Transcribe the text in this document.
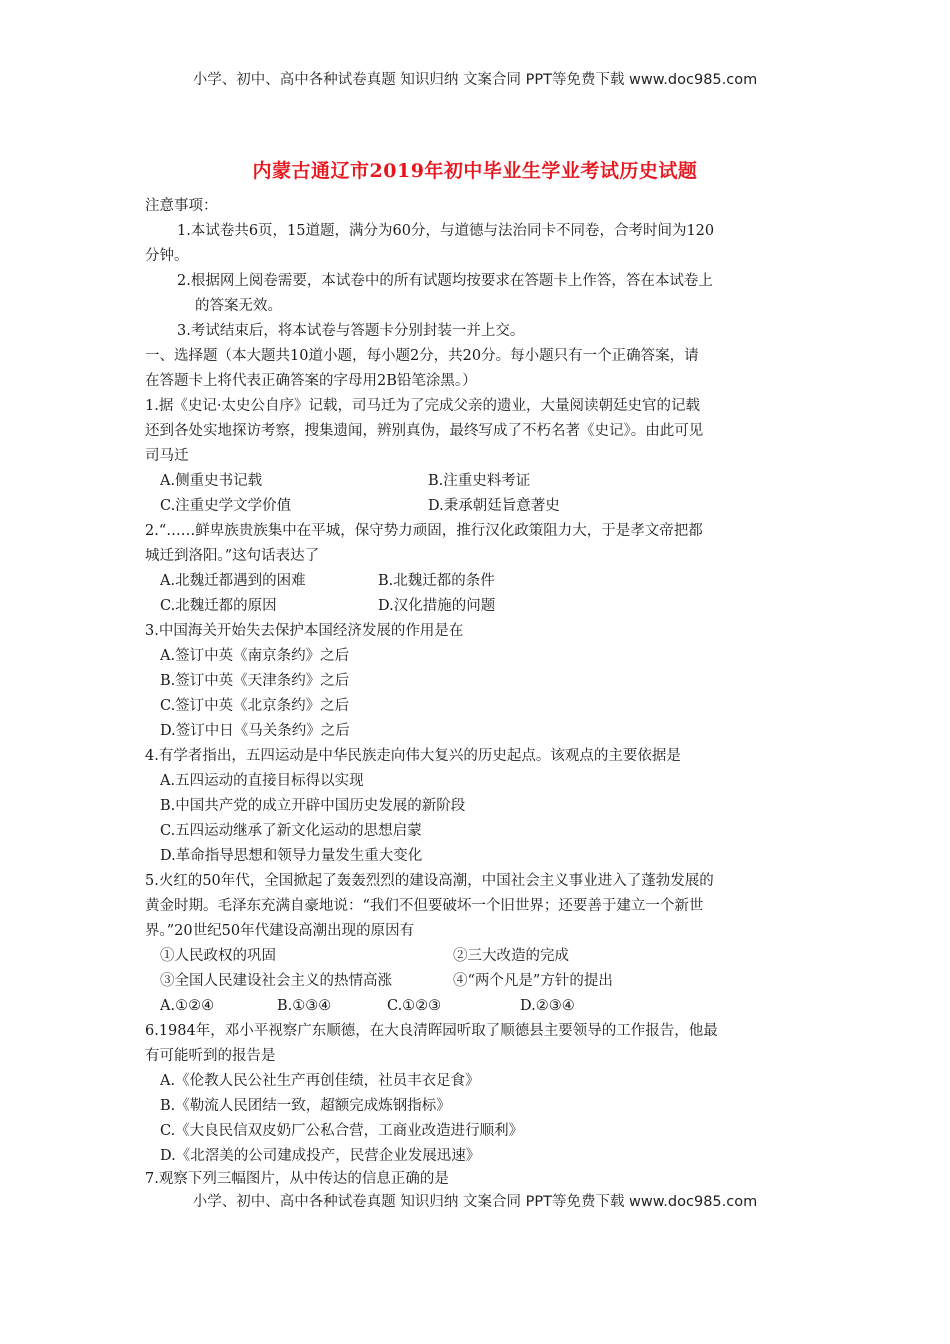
小学、初中、高中各种试卷真题 知识归纳 文案合同 PPT等免费下载 www.doc985.com
内蒙古通辽市2019年初中毕业生学业考试历史试题
注意事项：
1.本试卷共6页，15道题，满分为60分，与道德与法治同卡不同卷，合考时间为120
分钟。
2.根据网上阅卷需要，本试卷中的所有试题均按要求在答题卡上作答，答在本试卷上
的答案无效。
3.考试结束后，将本试卷与答题卡分别封装一并上交。
一、选择题（本大题共10道小题，每小题2分，共20分。每小题只有一个正确答案，请
在答题卡上将代表正确答案的字母用2B铅笔涂黑。）
1.据《史记·太史公自序》记载，司马迁为了完成父亲的遗业，大量阅读朝廷史官的记载
还到各处实地探访考察，搜集遗闻，辨别真伪，最终写成了不朽名著《史记》。由此可见
司马迁
A.侧重史书记载	B.注重史料考证
C.注重史学文学价值	D.秉承朝廷旨意著史
2.“……鲜卑族贵族集中在平城，保守势力顽固，推行汉化政策阻力大，于是孝文帝把都
城迁到洛阳。”这句话表达了
A.北魏迁都遇到的困难	B.北魏迁都的条件
C.北魏迁都的原因	D.汉化措施的问题
3.中国海关开始失去保护本国经济发展的作用是在
A.签订中英《南京条约》之后
B.签订中英《天津条约》之后
C.签订中英《北京条约》之后
D.签订中日《马关条约》之后
4.有学者指出，五四运动是中华民族走向伟大复兴的历史起点。该观点的主要依据是
A.五四运动的直接目标得以实现
B.中国共产党的成立开辟中国历史发展的新阶段
C.五四运动继承了新文化运动的思想启蒙
D.革命指导思想和领导力量发生重大变化
5.火红的50年代，全国掀起了轰轰烈烈的建设高潮，中国社会主义事业进入了蓬勃发展的
黄金时期。毛泽东充满自豪地说：“我们不但要破坏一个旧世界；还要善于建立一个新世
界。”20世纪50年代建设高潮出现的原因有
①人民政权的巩固	②三大改造的完成
③全国人民建设社会主义的热情高涨	④“两个凡是”方针的提出
A.①②④	B.①③④	C.①②③	D.②③④
6.1984年，邓小平视察广东顺德，在大良清晖园听取了顺德县主要领导的工作报告，他最
有可能听到的报告是
A.《伦教人民公社生产再创佳绩，社员丰衣足食》
B.《勒流人民团结一致，超额完成炼钢指标》
C.《大良民信双皮奶厂公私合营，工商业改造进行顺利》
D.《北滘美的公司建成投产，民营企业发展迅速》
7.观察下列三幅图片，从中传达的信息正确的是
小学、初中、高中各种试卷真题 知识归纳 文案合同 PPT等免费下载 www.doc985.com
